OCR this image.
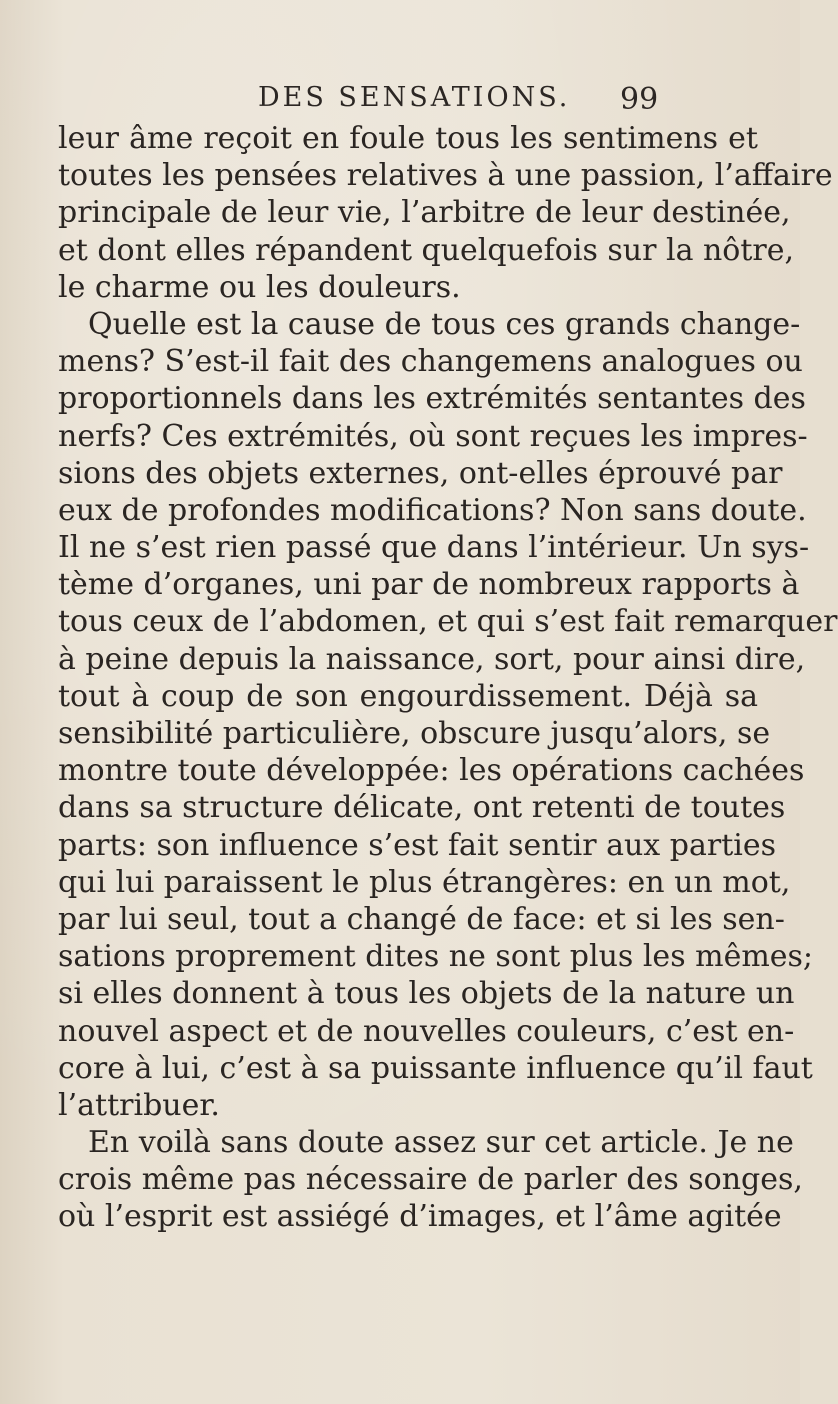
DES SENSATIONS. 99
leur âme reçoit en foule tous les sentimens et
toutes les pensées relatives à une passion, l’affaire
principale de leur vie, l’arbitre de leur destinée,
et dont elles répandent quelquefois sur la nôtre,
le charme ou les douleurs.
Quelle est la cause de tous ces grands change-
mens? S’est-il fait des changemens analogues ou
proportionnels dans les extrémités sentantes des
nerfs? Ces extrémités, où sont reçues les impres-
sions des objets externes, ont-elles éprouvé par
eux de profondes modifications? Non sans doute.
Il ne s’est rien passé que dans l’intérieur. Un sys-
tème d’organes, uni par de nombreux rapports à
tous ceux de l’abdomen, et qui s’est fait remarquer
à peine depuis la naissance, sort, pour ainsi dire,
tout à coup de son engourdissement. Déjà sa
sensibilité particulière, obscure jusqu’alors, se
montre toute développée: les opérations cachées
dans sa structure délicate, ont retenti de toutes
parts: son influence s’est fait sentir aux parties
qui lui paraissent le plus étrangères: en un mot,
par lui seul, tout a changé de face: et si les sen-
sations proprement dites ne sont plus les mêmes;
si elles donnent à tous les objets de la nature un
nouvel aspect et de nouvelles couleurs, c’est en-
core à lui, c’est à sa puissante influence qu’il faut
l’attribuer.
En voilà sans doute assez sur cet article. Je ne
crois même pas nécessaire de parler des songes,
où l’esprit est assiégé d’images, et l’âme agitée
